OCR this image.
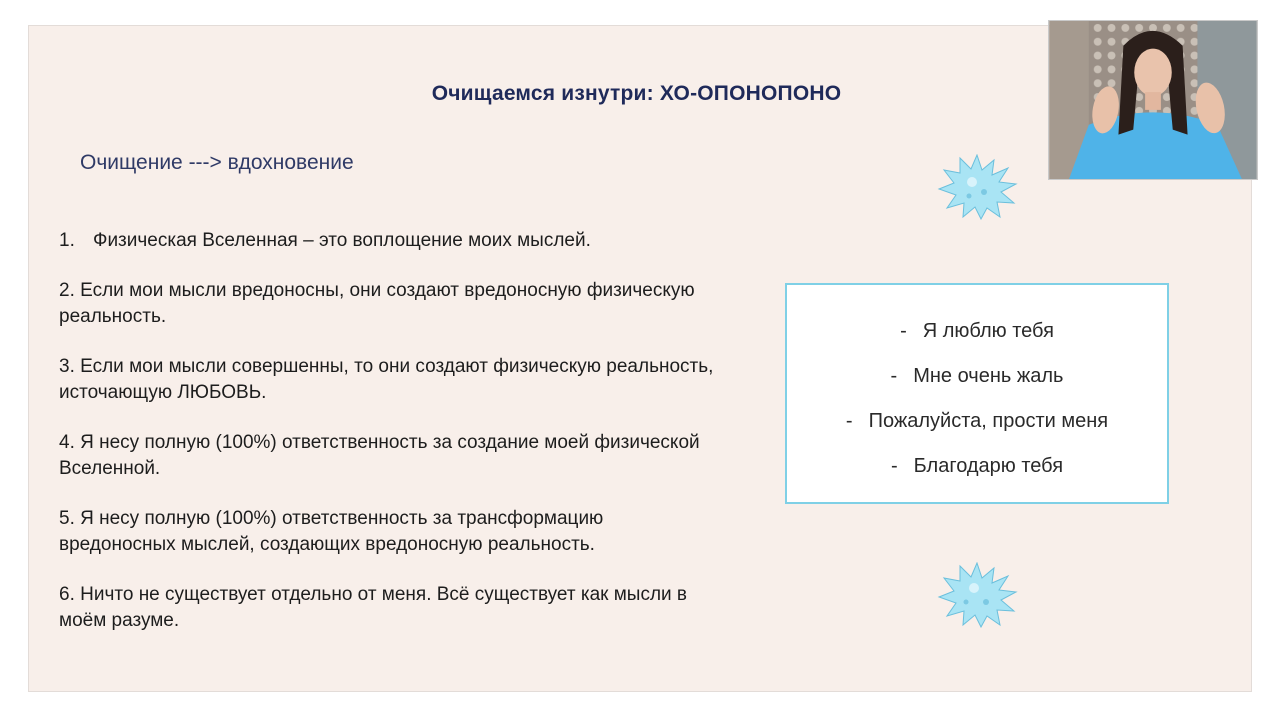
Очищаемся изнутри: ХО-ОПОНОПОНО
Очищение ---> вдохновение
1. Физическая Вселенная – это воплощение моих мыслей.
2. Если мои мысли вредоносны, они создают вредоносную физическую реальность.
3. Если мои мысли совершенны, то они создают физическую реальность, источающую ЛЮБОВЬ.
4. Я несу полную (100%) ответственность за создание моей физической Вселенной.
5. Я несу полную (100%) ответственность за трансформацию вредоносных мыслей, создающих вредоносную реальность.
6. Ничто не существует отдельно от меня. Всё существует как мысли в моём разуме.
- Я люблю тебя
- Мне очень жаль
- Пожалуйста, прости меня
- Благодарю тебя
